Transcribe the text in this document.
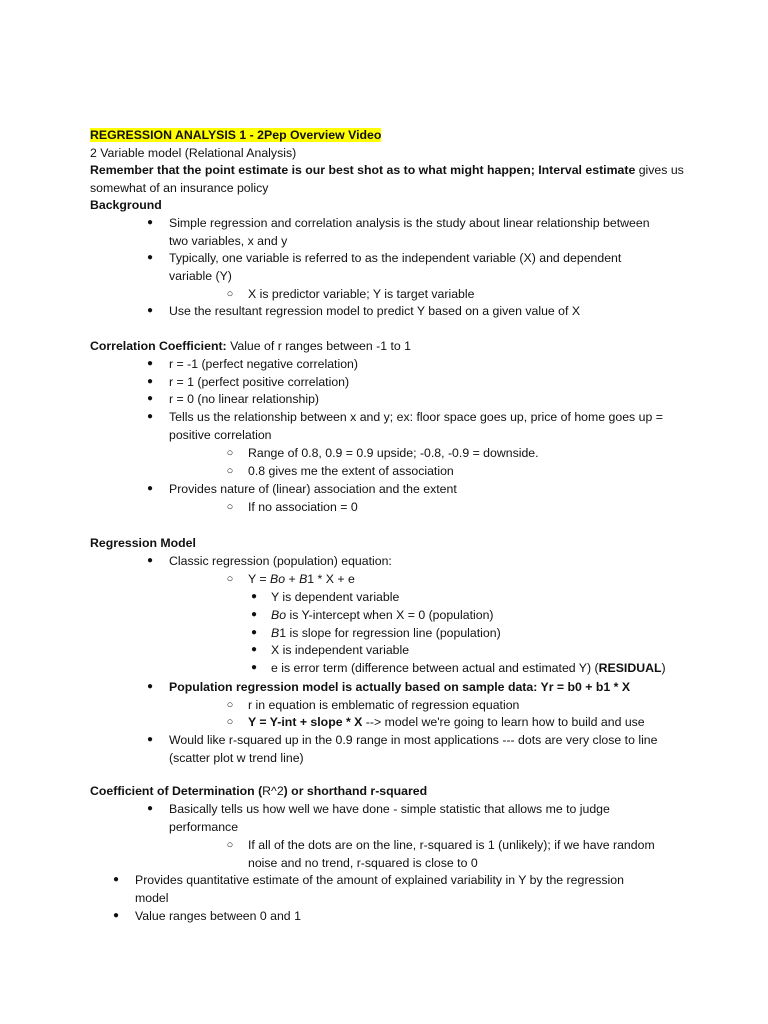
REGRESSION ANALYSIS 1 - 2Pep Overview Video
2 Variable model (Relational Analysis)
Remember that the point estimate is our best shot as to what might happen; Interval estimate gives us
somewhat of an insurance policy
Background
●	Simple regression and correlation analysis is the study about linear relationship between
two variables, x and y
●	Typically, one variable is referred to as the independent variable (X) and dependent
variable (Y)
○	X is predictor variable; Y is target variable
●	Use the resultant regression model to predict Y based on a given value of X
Correlation Coefficient: Value of r ranges between -1 to 1
●	r = -1 (perfect negative correlation)
●	r = 1 (perfect positive correlation)
●	r = 0 (no linear relationship)
●	Tells us the relationship between x and y; ex: floor space goes up, price of home goes up =
positive correlation
○	Range of 0.8, 0.9 = 0.9 upside; -0.8, -0.9 = downside.
○	0.8 gives me the extent of association
●	Provides nature of (linear) association and the extent
○	If no association = 0
Regression Model
●	Classic regression (population) equation:
○	Y = Bo + B1 * X + e
●	Y is dependent variable
●	Bo is Y-intercept when X = 0 (population)
●	B1 is slope for regression line (population)
●	X is independent variable
●	e is error term (difference between actual and estimated Y) (RESIDUAL)
●	Population regression model is actually based on sample data: Yr = b0 + b1 * X
○	r in equation is emblematic of regression equation
○	Y = Y-int + slope * X --> model we're going to learn how to build and use
●	Would like r-squared up in the 0.9 range in most applications --- dots are very close to line
(scatter plot w trend line)
Coefficient of Determination (R^2) or shorthand r-squared
●	Basically tells us how well we have done - simple statistic that allows me to judge
performance
○	If all of the dots are on the line, r-squared is 1 (unlikely); if we have random
noise and no trend, r-squared is close to 0
●	Provides quantitative estimate of the amount of explained variability in Y by the regression
model
●	Value ranges between 0 and 1
